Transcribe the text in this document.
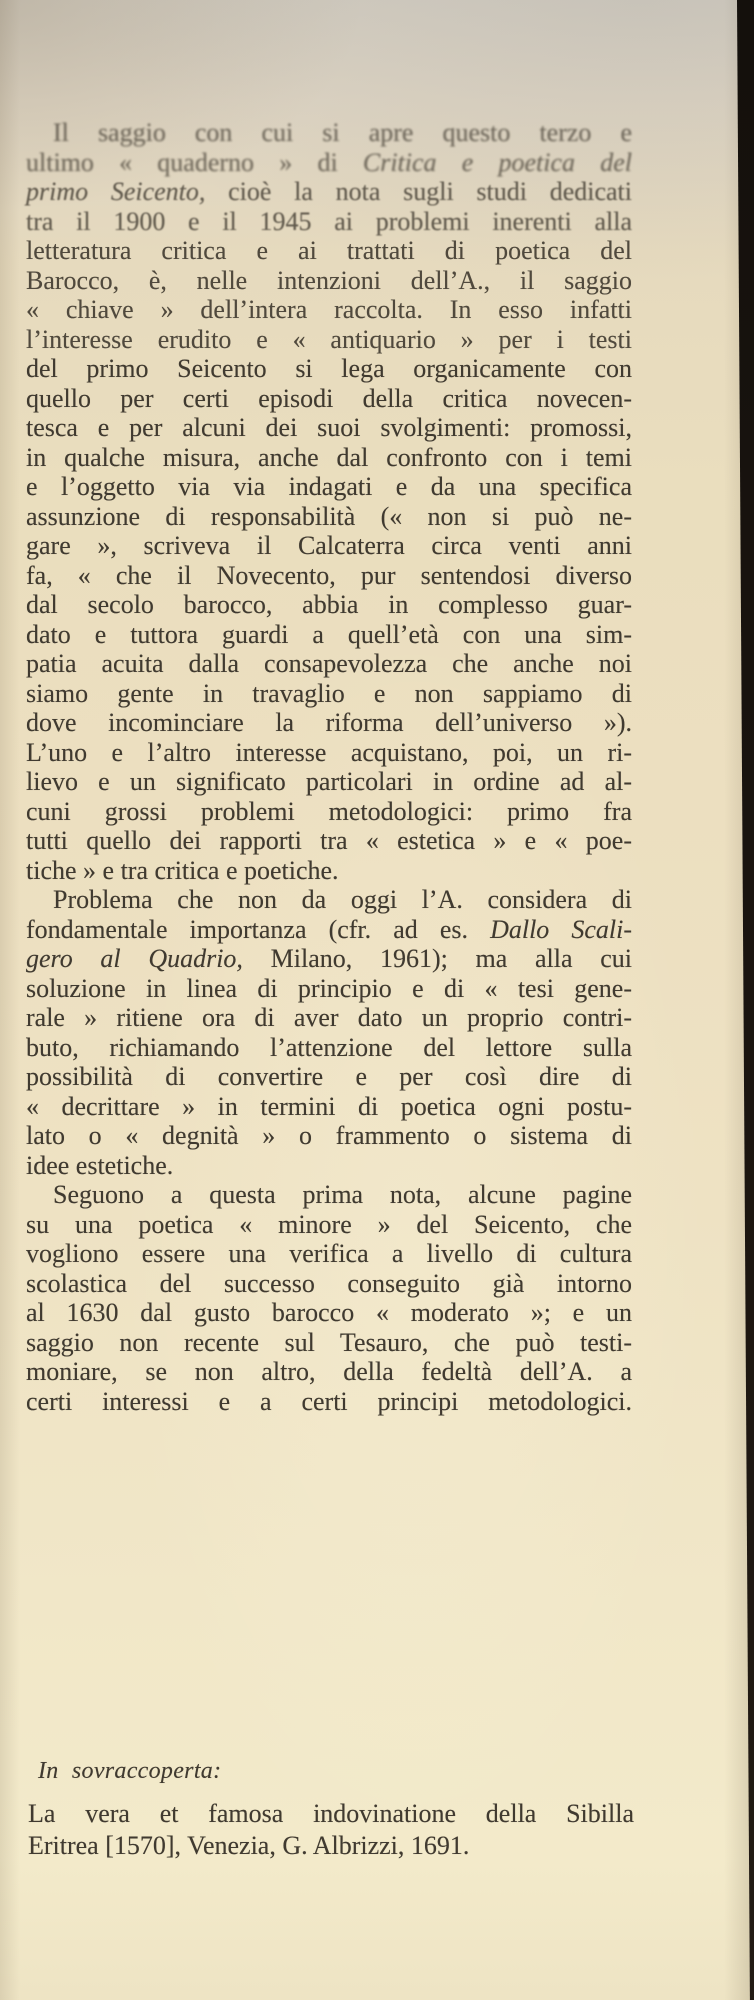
Il saggio con cui si apre questo terzo e
ultimo « quaderno » di Critica e poetica del
primo Seicento, cioè la nota sugli studi dedicati
tra il 1900 e il 1945 ai problemi inerenti alla
letteratura critica e ai trattati di poetica del
Barocco, è, nelle intenzioni dell’A., il saggio
« chiave » dell’intera raccolta. In esso infatti
l’interesse erudito e « antiquario » per i testi
del primo Seicento si lega organicamente con
quello per certi episodi della critica novecen-
tesca e per alcuni dei suoi svolgimenti: promossi,
in qualche misura, anche dal confronto con i temi
e l’oggetto via via indagati e da una specifica
assunzione di responsabilità (« non si può ne-
gare », scriveva il Calcaterra circa venti anni
fa, « che il Novecento, pur sentendosi diverso
dal secolo barocco, abbia in complesso guar-
dato e tuttora guardi a quell’età con una sim-
patia acuita dalla consapevolezza che anche noi
siamo gente in travaglio e non sappiamo di
dove incominciare la riforma dell’universo »).
L’uno e l’altro interesse acquistano, poi, un ri-
lievo e un significato particolari in ordine ad al-
cuni grossi problemi metodologici: primo fra
tutti quello dei rapporti tra « estetica » e « poe-
tiche » e tra critica e poetiche.
Problema che non da oggi l’A. considera di
fondamentale importanza (cfr. ad es. Dallo Scali-
gero al Quadrio, Milano, 1961); ma alla cui
soluzione in linea di principio e di « tesi gene-
rale » ritiene ora di aver dato un proprio contri-
buto, richiamando l’attenzione del lettore sulla
possibilità di convertire e per così dire di
« decrittare » in termini di poetica ogni postu-
lato o « degnità » o frammento o sistema di
idee estetiche.
Seguono a questa prima nota, alcune pagine
su una poetica « minore » del Seicento, che
vogliono essere una verifica a livello di cultura
scolastica del successo conseguito già intorno
al 1630 dal gusto barocco « moderato »; e un
saggio non recente sul Tesauro, che può testi-
moniare, se non altro, della fedeltà dell’A. a
certi interessi e a certi principi metodologici.
In sovraccoperta:
La vera et famosa indovinatione della Sibilla
Eritrea [1570], Venezia, G. Albrizzi, 1691.
